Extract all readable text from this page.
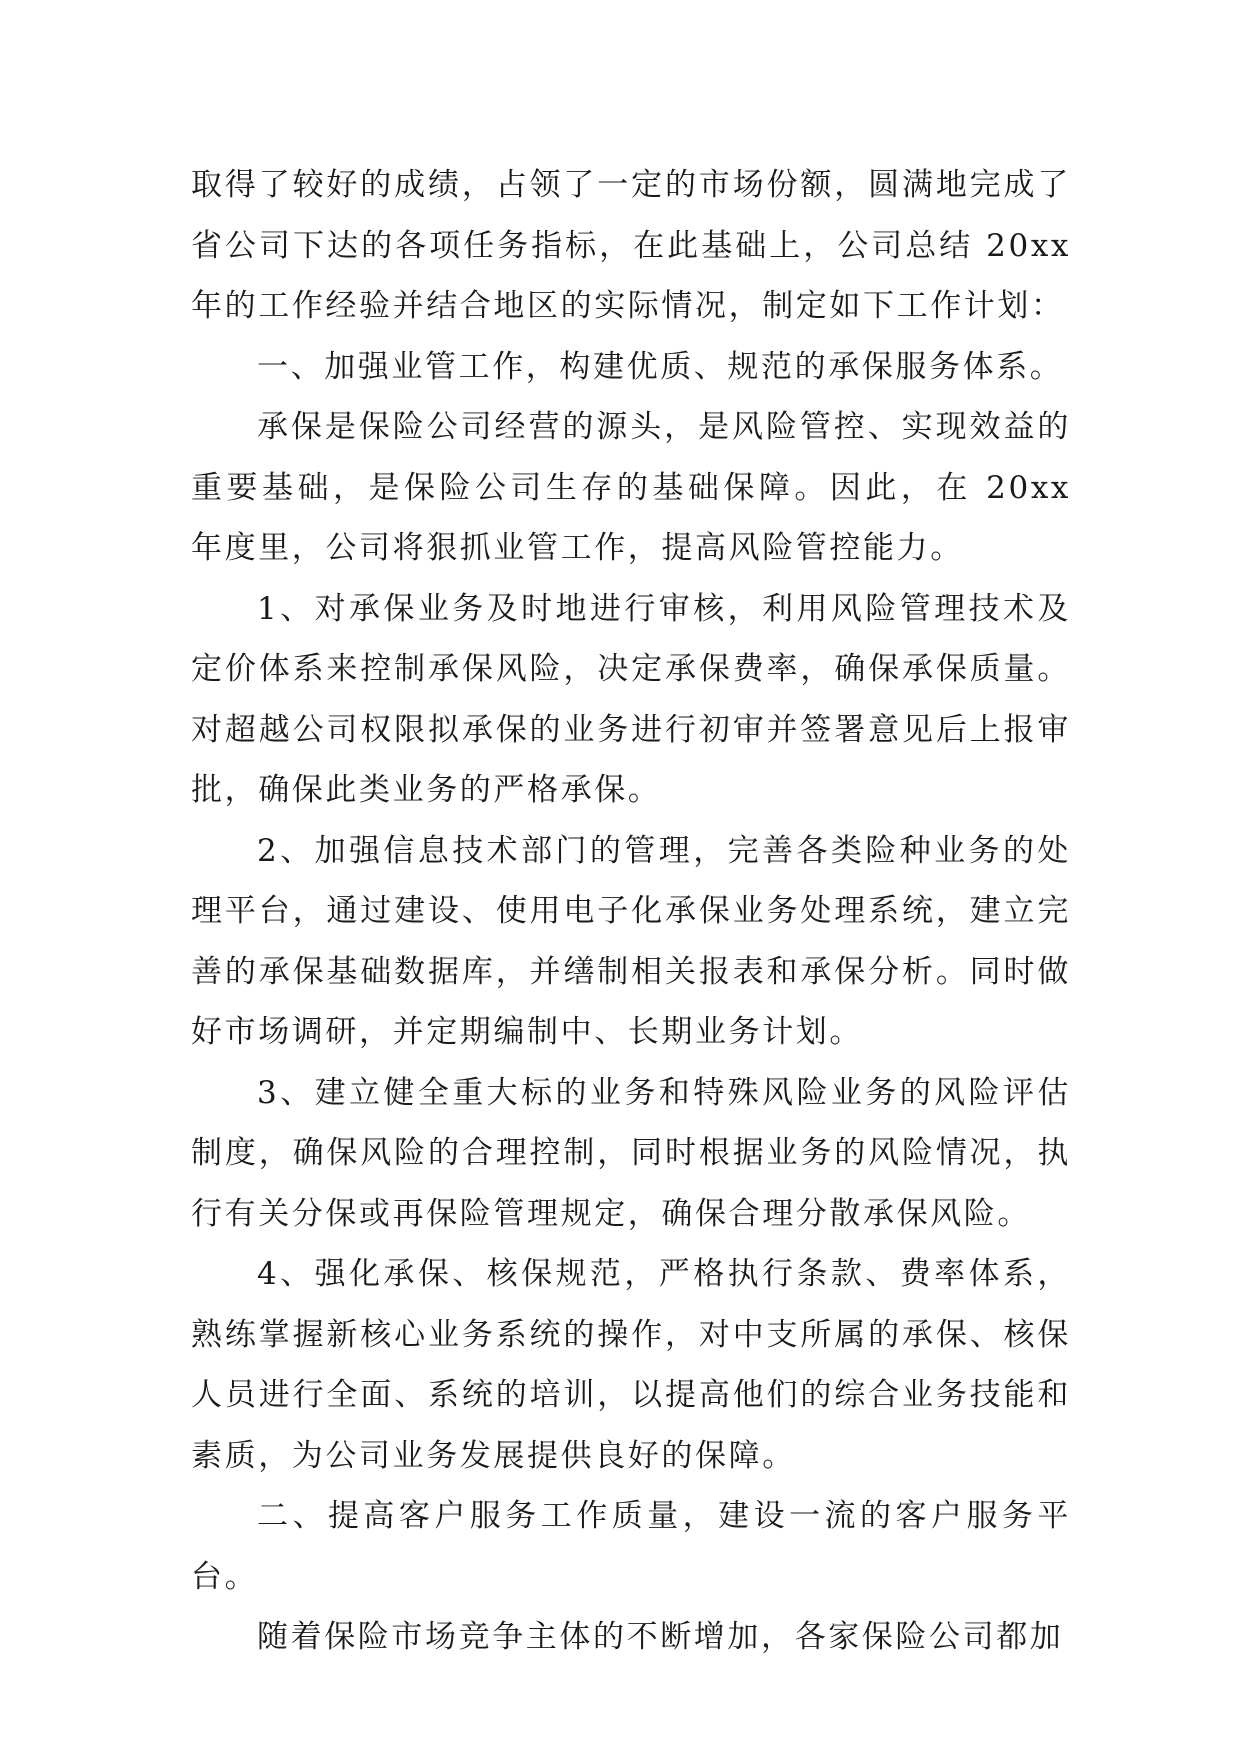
取得了较好的成绩，占领了一定的市场份额，圆满地完成了省公司下达的各项任务指标，在此基础上，公司总结 20xx 年的工作经验并结合地区的实际情况，制定如下工作计划：

一、加强业管工作，构建优质、规范的承保服务体系。

承保是保险公司经营的源头，是风险管控、实现效益的重要基础，是保险公司生存的基础保障。因此，在 20xx 年度里，公司将狠抓业管工作，提高风险管控能力。

1、对承保业务及时地进行审核，利用风险管理技术及定价体系来控制承保风险，决定承保费率，确保承保质量。对超越公司权限拟承保的业务进行初审并签署意见后上报审批，确保此类业务的严格承保。

2、加强信息技术部门的管理，完善各类险种业务的处理平台，通过建设、使用电子化承保业务处理系统，建立完善的承保基础数据库，并缮制相关报表和承保分析。同时做好市场调研，并定期编制中、长期业务计划。

3、建立健全重大标的业务和特殊风险业务的风险评估制度，确保风险的合理控制，同时根据业务的风险情况，执行有关分保或再保险管理规定，确保合理分散承保风险。

4、强化承保、核保规范，严格执行条款、费率体系，熟练掌握新核心业务系统的操作，对中支所属的承保、核保人员进行全面、系统的培训，以提高他们的综合业务技能和素质，为公司业务发展提供良好的保障。

二、提高客户服务工作质量，建设一流的客户服务平台。

随着保险市场竞争主体的不断增加，各家保险公司都加
